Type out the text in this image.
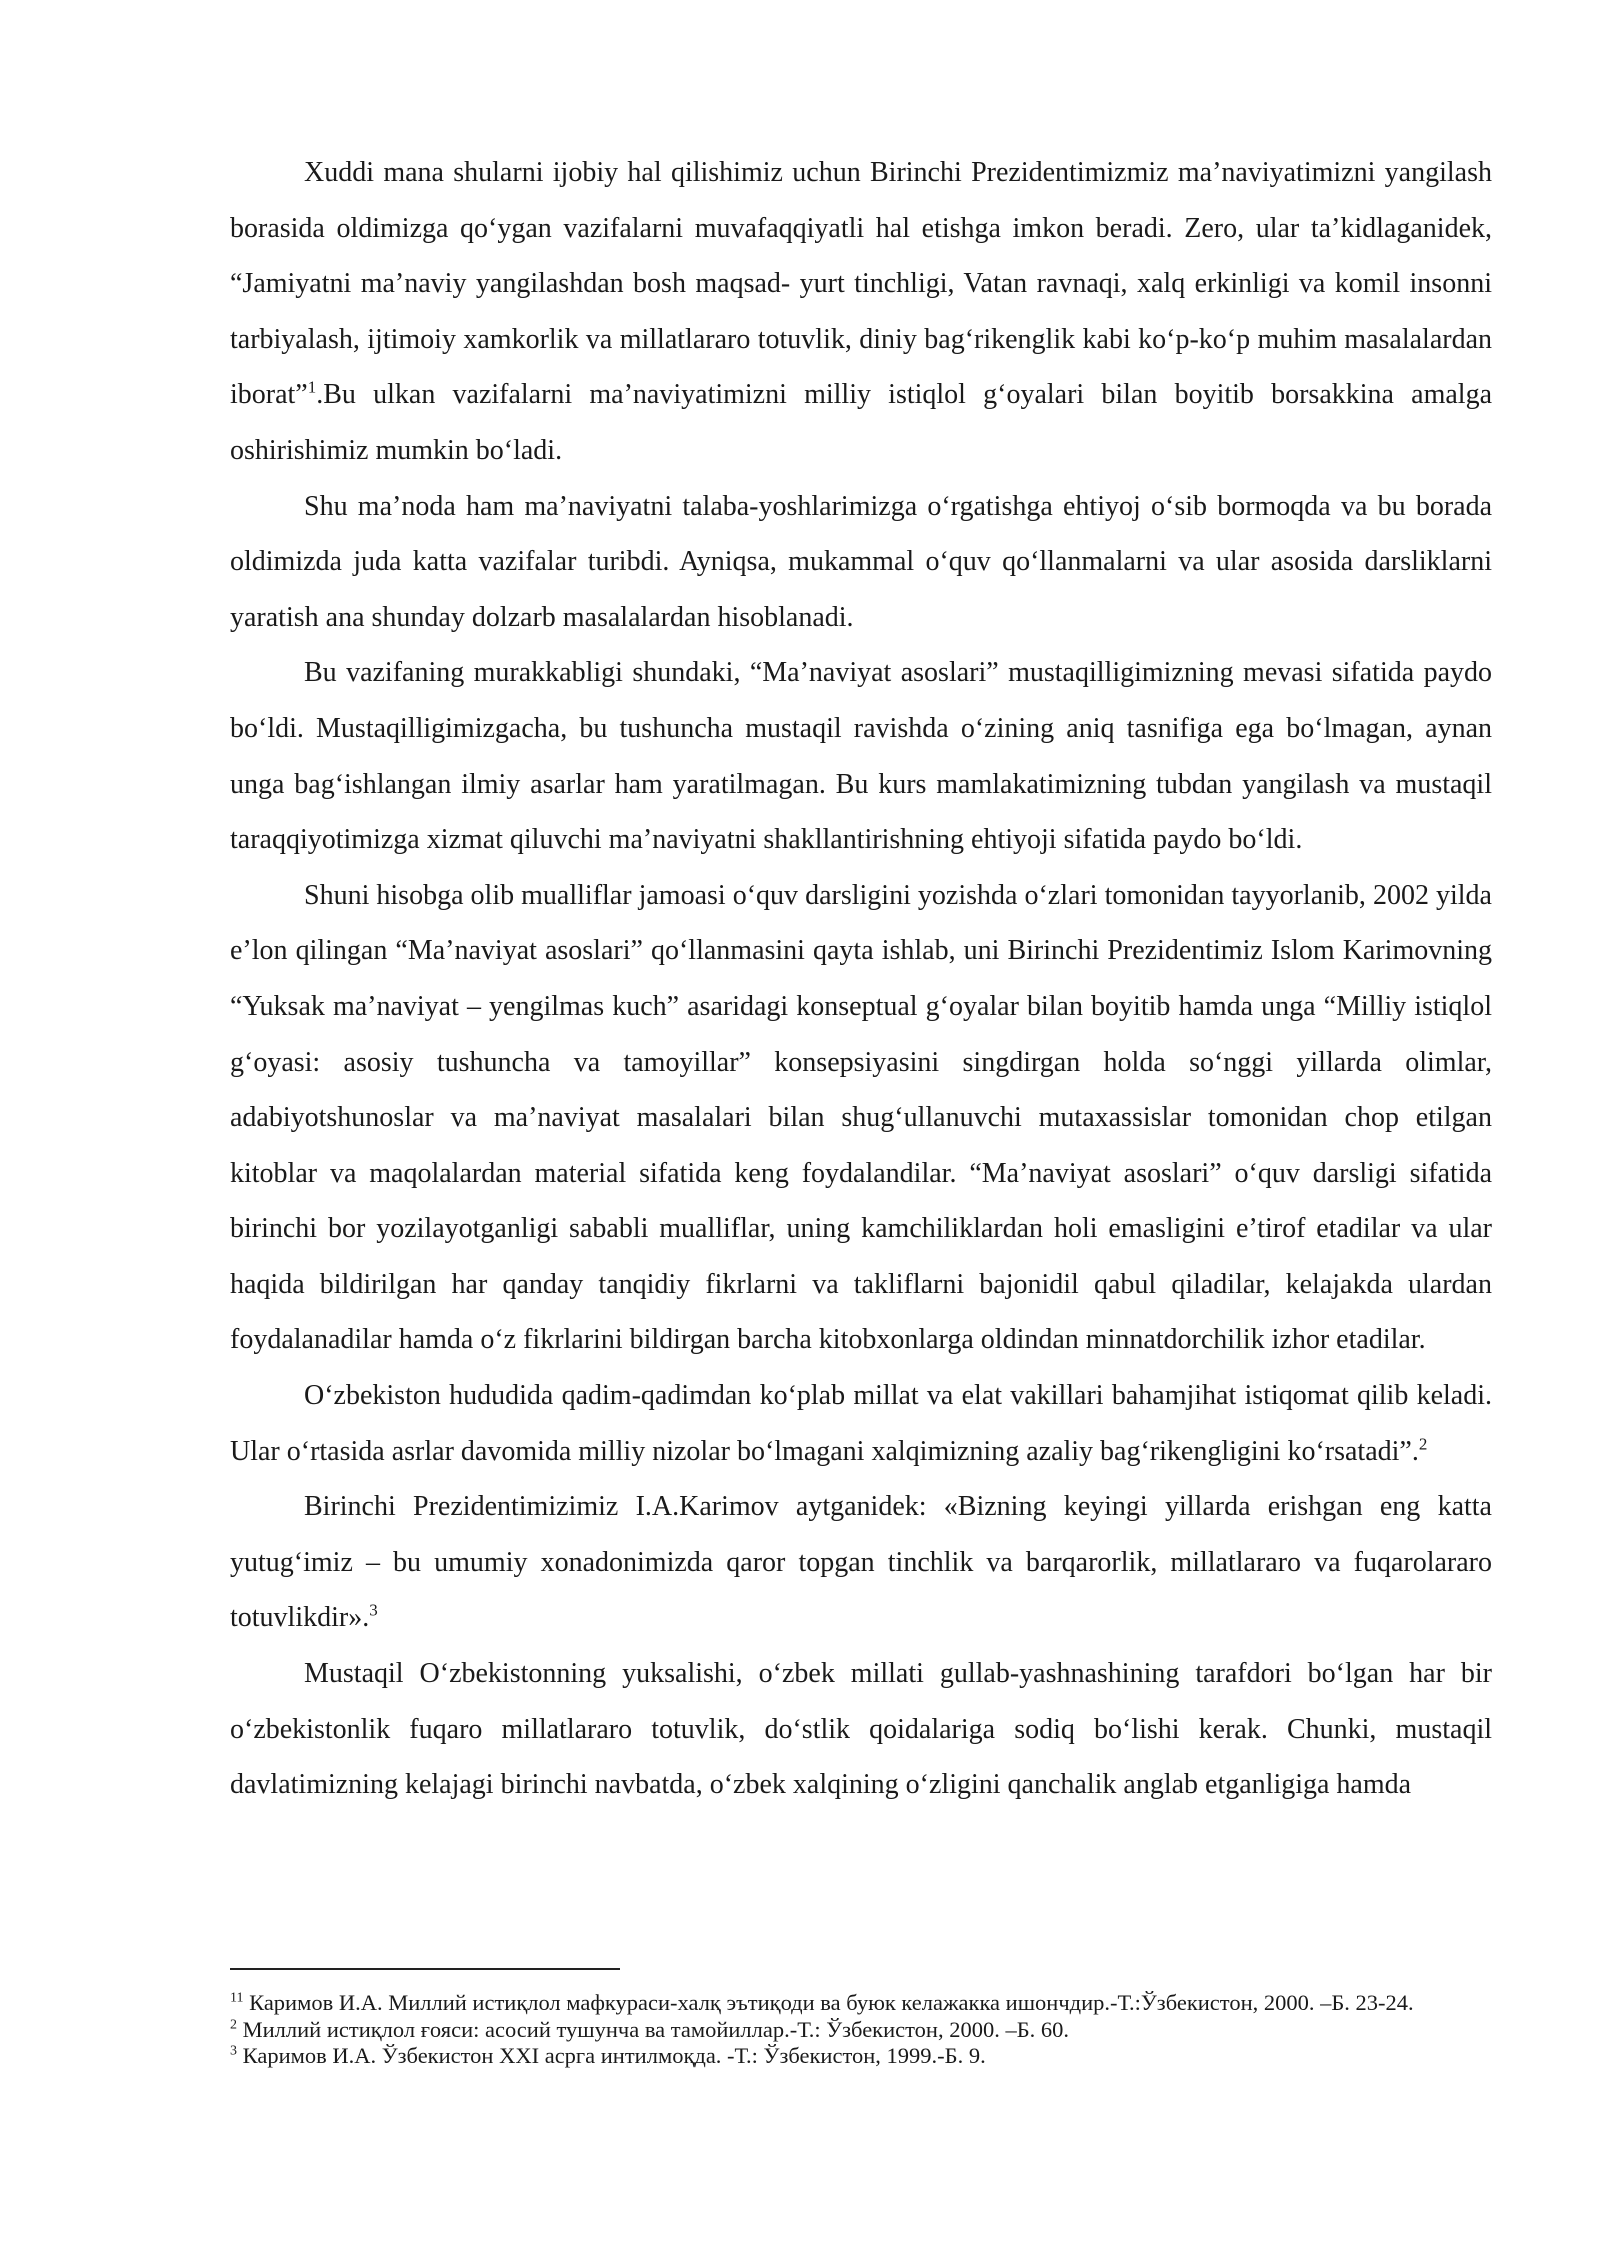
Xuddi mana shularni ijobiy hal qilishimiz uchun Birinchi Prezidentimizmiz ma’naviyatimizni yangilash borasida oldimizga qo‘ygan vazifalarni muvafaqqiyatli hal etishga imkon beradi. Zero, ular ta’kidlaganidek, “Jamiyatni ma’naviy yangilashdan bosh maqsad- yurt tinchligi, Vatan ravnaqi, xalq erkinligi va komil insonni tarbiyalash, ijtimoiy xamkorlik va millatlararo totuvlik, diniy bag‘rikenglik kabi ko‘p-ko‘p muhim masalalardan iborat”$^1$.Bu ulkan vazifalarni ma’naviyatimizni milliy istiqlol g‘oyalari bilan boyitib borsakkina amalga oshirishimiz mumkin bo‘ladi.

Shu ma’noda ham ma’naviyatni talaba-yoshlarimizga o‘rgatishga ehtiyoj o‘sib bormoqda va bu borada oldimizda juda katta vazifalar turibdi. Ayniqsa, mukammal o‘quv qo‘llanmalarni va ular asosida darsliklarni yaratish ana shunday dolzarb masalalardan hisoblanadi.

Bu vazifaning murakkabligi shundaki, “Ma’naviyat asoslari” mustaqilligimizning mevasi sifatida paydo bo‘ldi. Mustaqilligimizgacha, bu tushuncha mustaqil ravishda o‘zining aniq tasnifiga ega bo‘lmagan, aynan unga bag‘ishlangan ilmiy asarlar ham yaratilmagan. Bu kurs mamlakatimizning tubdan yangilash va mustaqil taraqqiyotimizga xizmat qiluvchi ma’naviyatni shakllantirishning ehtiyoji sifatida paydo bo‘ldi.

Shuni hisobga olib mualliflar jamoasi o‘quv darsligini yozishda o‘zlari tomonidan tayyorlanib, 2002 yilda e’lon qilingan “Ma’naviyat asoslari” qo‘llanmasini qayta ishlab, uni Birinchi Prezidentimiz Islom Karimovning “Yuksak ma’naviyat – yengilmas kuch” asaridagi konseptual g‘oyalar bilan boyitib hamda unga “Milliy istiqlol g‘oyasi: asosiy tushuncha va tamoyillar” konsepsiyasini singdirgan holda so‘nggi yillarda olimlar, adabiyotshunoslar va ma’naviyat masalalari bilan shug‘ullanuvchi mutaxassislar tomonidan chop etilgan kitoblar va maqolalardan material sifatida keng foydalandilar. “Ma’naviyat asoslari” o‘quv darsligi sifatida birinchi bor yozilayotganligi sababli mualliflar, uning kamchiliklardan holi emasligini e’tirof etadilar va ular haqida bildirilgan har qanday tanqidiy fikrlarni va takliflarni bajonidil qabul qiladilar, kelajakda ulardan foydalanadilar hamda o‘z fikrlarini bildirgan barcha kitobxonlarga oldindan minnatdorchilik izhor etadilar.

O‘zbekiston hududida qadim-qadimdan ko‘plab millat va elat vakillari bahamjihat istiqomat qilib keladi. Ular o‘rtasida asrlar davomida milliy nizolar bo‘lmagani xalqimizning azaliy bag‘rikengligini ko‘rsatadi”.$^2$

Birinchi Prezidentimizimiz I.A.Karimov aytganidek: «Bizning keyingi yillarda erishgan eng katta yutug‘imiz – bu umumiy xonadonimizda qaror topgan tinchlik va barqarorlik, millatlararo va fuqarolararo totuvlikdir».$^3$

Mustaqil O‘zbekistonning yuksalishi, o‘zbek millati gullab-yashnashining tarafdori bo‘lgan har bir o‘zbekistonlik fuqaro millatlararo totuvlik, do‘stlik qoidalariga sodiq bo‘lishi kerak. Chunki, mustaqil davlatimizning kelajagi birinchi navbatda, o‘zbek xalqining o‘zligini qanchalik anglab etganligiga hamda

$^{11}$ Каримов И.А. Миллий истиқлол мафкураси-халқ эътиқоди ва буюк келажакка ишончдир.-Т.:Ўзбекистон, 2000. –Б. 23-24.

$^2$ Миллий истиқлол ғояси: асосий тушунча ва тамойиллар.-Т.: Ўзбекистон, 2000. –Б. 60.

$^3$ Каримов И.А. Ўзбекистон XXI асрга интилмоқда. -Т.: Ўзбекистон, 1999.-Б. 9.
